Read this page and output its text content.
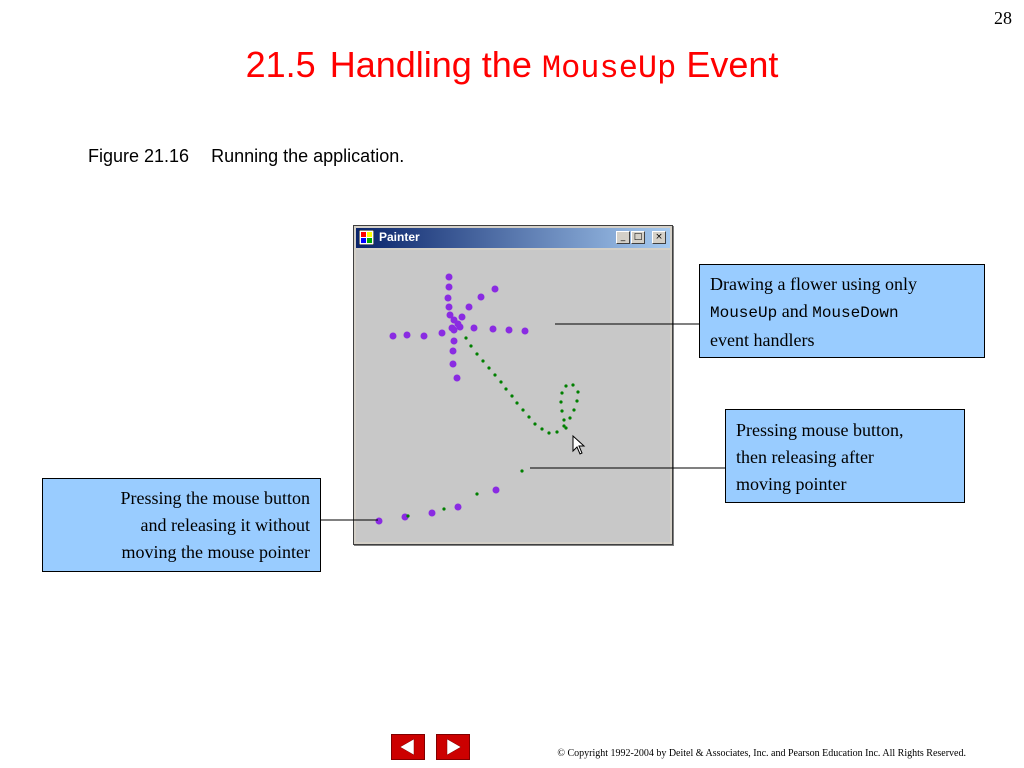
28
21.5 Handling the MouseUp Event
Figure 21.16 Running the application.
Painter	_ □	×
Drawing a flower using only
MouseUp and MouseDown
event handlers
Pressing mouse button,
then releasing after
moving pointer
Pressing the mouse button
and releasing it without
moving the mouse pointer
© Copyright 1992-2004 by Deitel & Associates, Inc. and Pearson Education Inc. All Rights Reserved.
